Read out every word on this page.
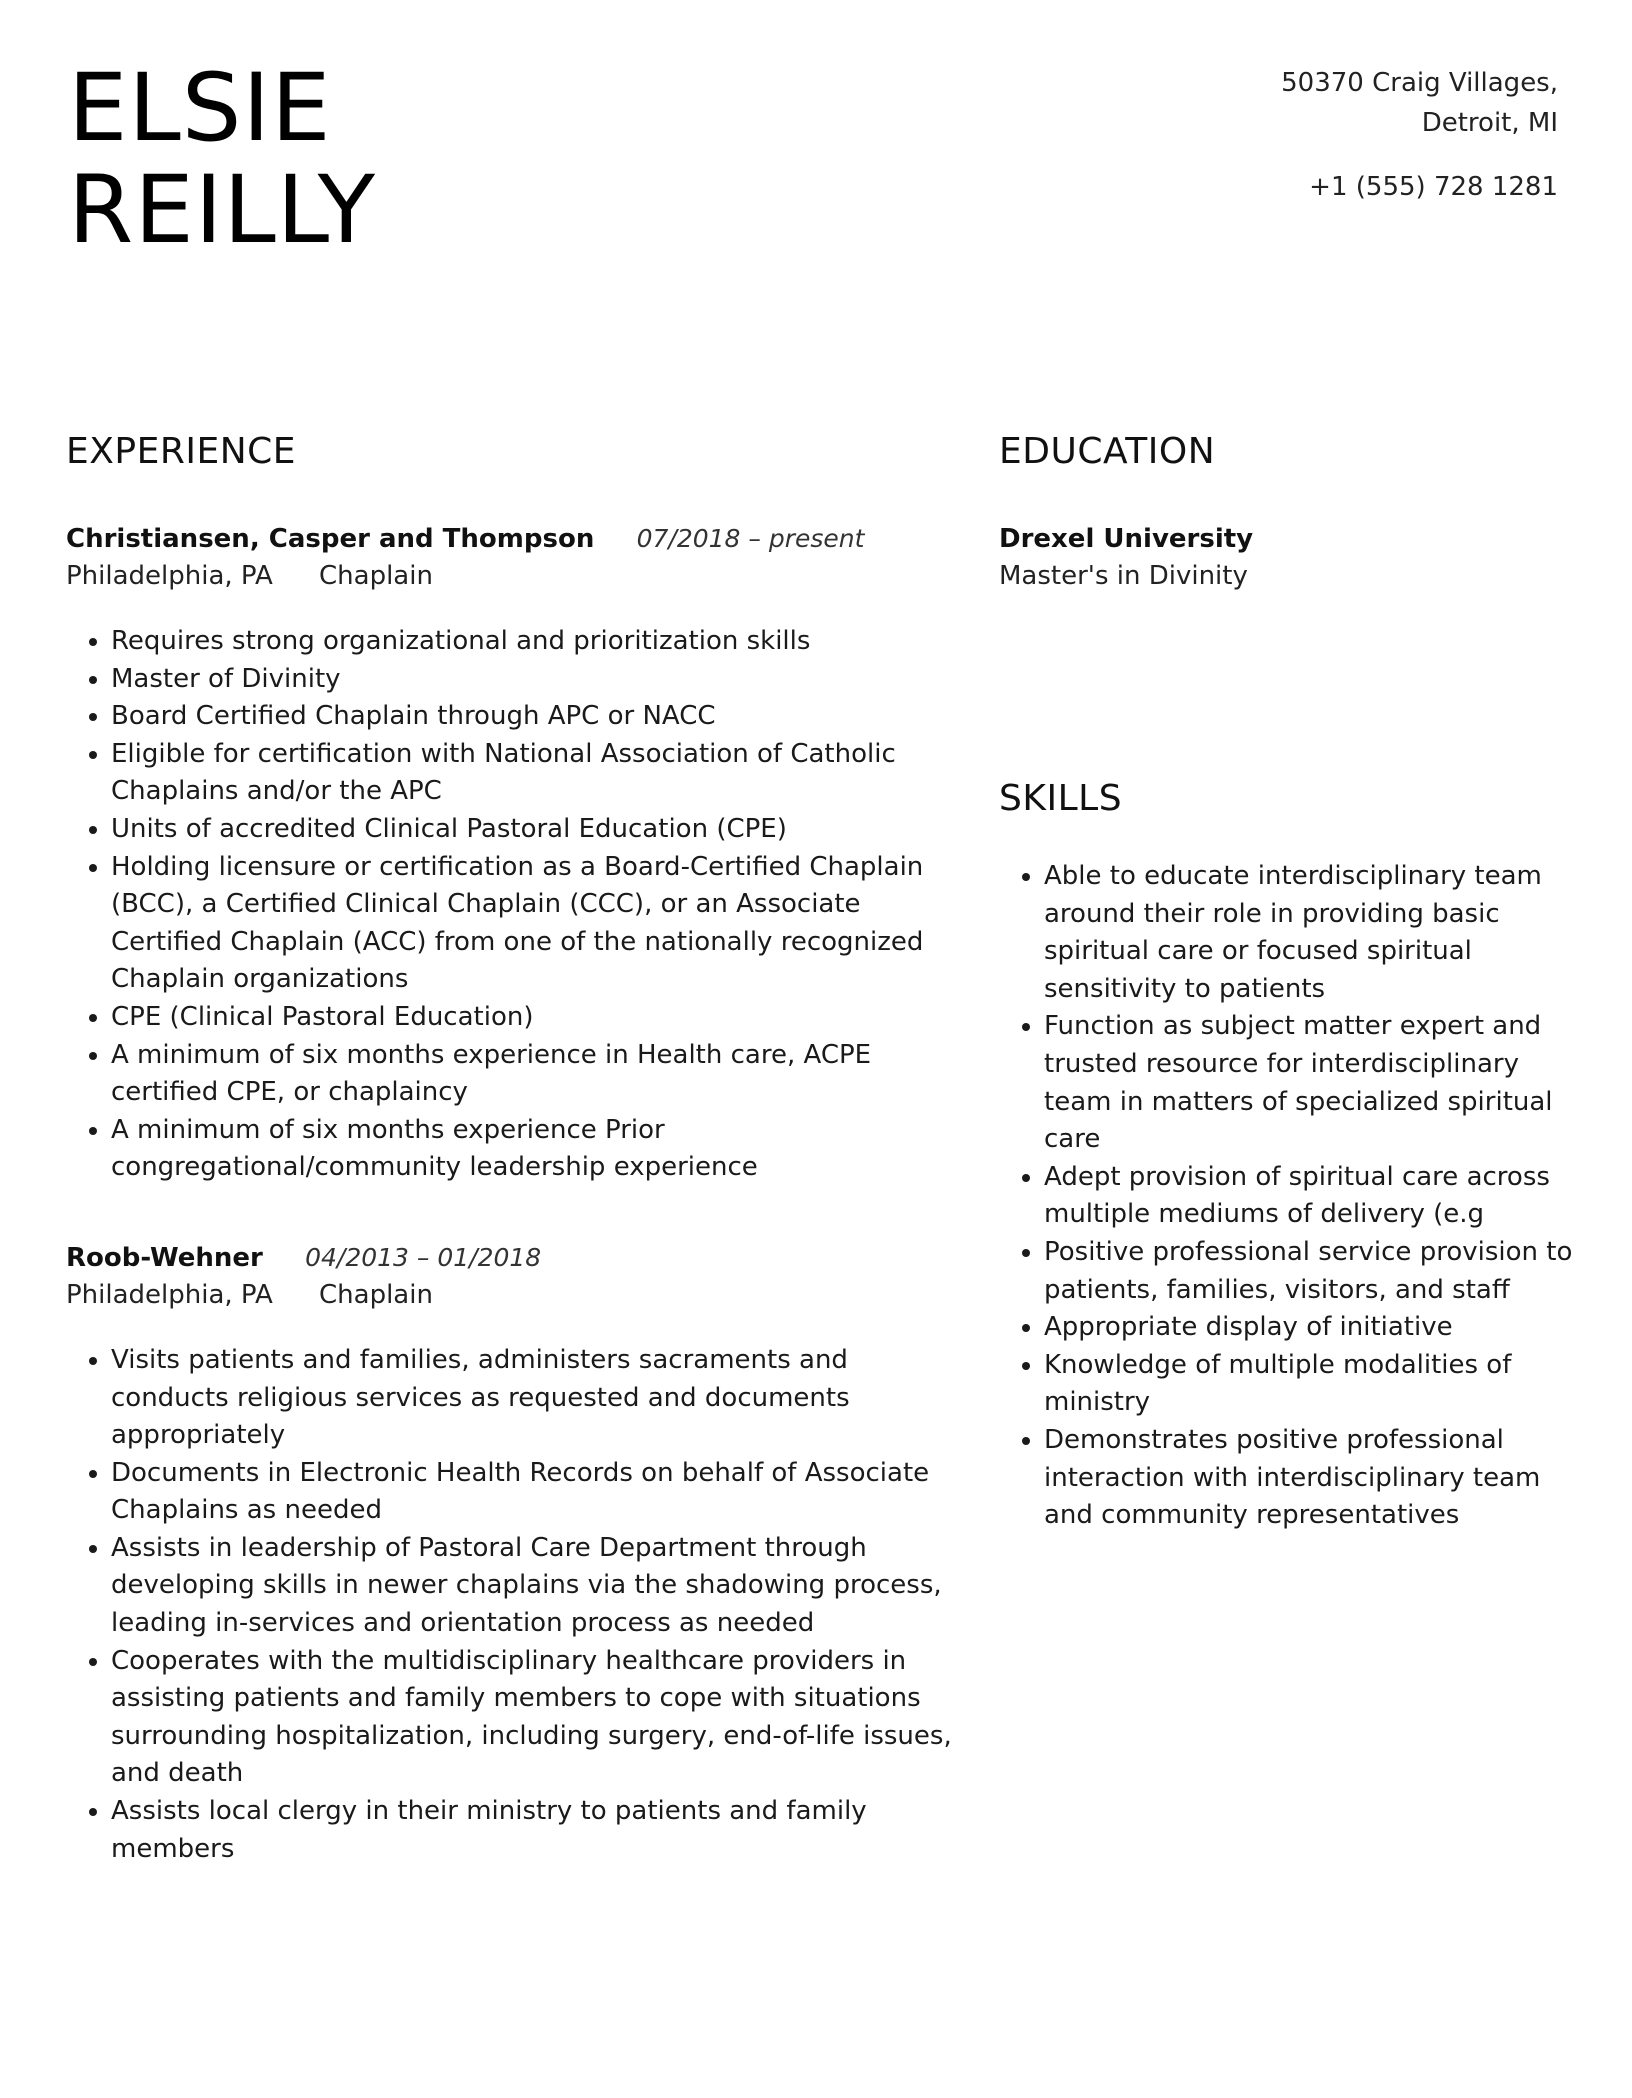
ELSIE
REILLY
50370 Craig Villages,
Detroit, MI
+1 (555) 728 1281
EXPERIENCE
Christiansen, Casper and Thompson 07/2018 – present
Philadelphia, PA Chaplain
• Requires strong organizational and prioritization skills
• Master of Divinity
• Board Certified Chaplain through APC or NACC
• Eligible for certification with National Association of Catholic Chaplains and/or the APC
• Units of accredited Clinical Pastoral Education (CPE)
• Holding licensure or certification as a Board-Certified Chaplain (BCC), a Certified Clinical Chaplain (CCC), or an Associate Certified Chaplain (ACC) from one of the nationally recognized Chaplain organizations
• CPE (Clinical Pastoral Education)
• A minimum of six months experience in Health care, ACPE certified CPE, or chaplaincy
• A minimum of six months experience Prior congregational/community leadership experience
Roob-Wehner 04/2013 – 01/2018
Philadelphia, PA Chaplain
• Visits patients and families, administers sacraments and conducts religious services as requested and documents appropriately
• Documents in Electronic Health Records on behalf of Associate Chaplains as needed
• Assists in leadership of Pastoral Care Department through developing skills in newer chaplains via the shadowing process, leading in-services and orientation process as needed
• Cooperates with the multidisciplinary healthcare providers in assisting patients and family members to cope with situations surrounding hospitalization, including surgery, end-of-life issues, and death
• Assists local clergy in their ministry to patients and family members
EDUCATION
Drexel University
Master's in Divinity
SKILLS
• Able to educate interdisciplinary team around their role in providing basic spiritual care or focused spiritual sensitivity to patients
• Function as subject matter expert and trusted resource for interdisciplinary team in matters of specialized spiritual care
• Adept provision of spiritual care across multiple mediums of delivery (e.g
• Positive professional service provision to patients, families, visitors, and staff
• Appropriate display of initiative
• Knowledge of multiple modalities of ministry
• Demonstrates positive professional interaction with interdisciplinary team and community representatives
